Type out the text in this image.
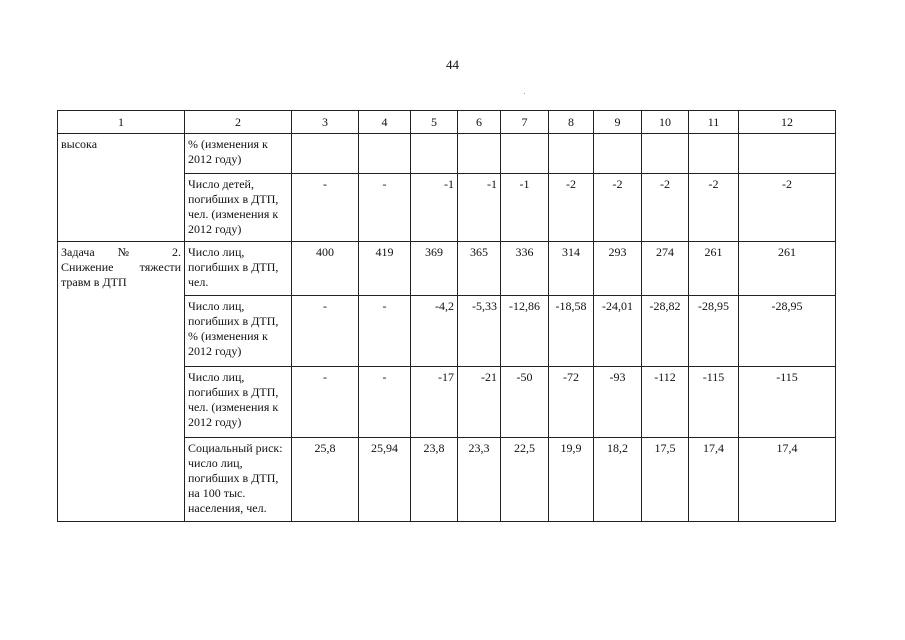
44
1	2	3	4	5	6	7	8	9	10	11	12
высока	% (изменения к 2012 году)										
	Число детей, погибших в ДТП, чел. (изменения к 2012 году)	-	-	-1	-1	-1	-2	-2	-2	-2	-2

Задача № 2.
Снижение тяжести
травм в ДТП	Число лиц, погибших в ДТП, чел.	400	419	369	365	336	314	293	274	261	261
	Число лиц, погибших в ДТП, % (изменения к 2012 году)	-	-	-4,2	-5,33	-12,86	-18,58	-24,01	-28,82	-28,95	-28,95
	Число лиц, погибших в ДТП, чел. (изменения к 2012 году)	-	-	-17	-21	-50	-72	-93	-112	-115	-115
	Социальный риск: число лиц, погибших в ДТП, на 100 тыс. населения, чел.	25,8	25,94	23,8	23,3	22,5	19,9	18,2	17,5	17,4	17,4
